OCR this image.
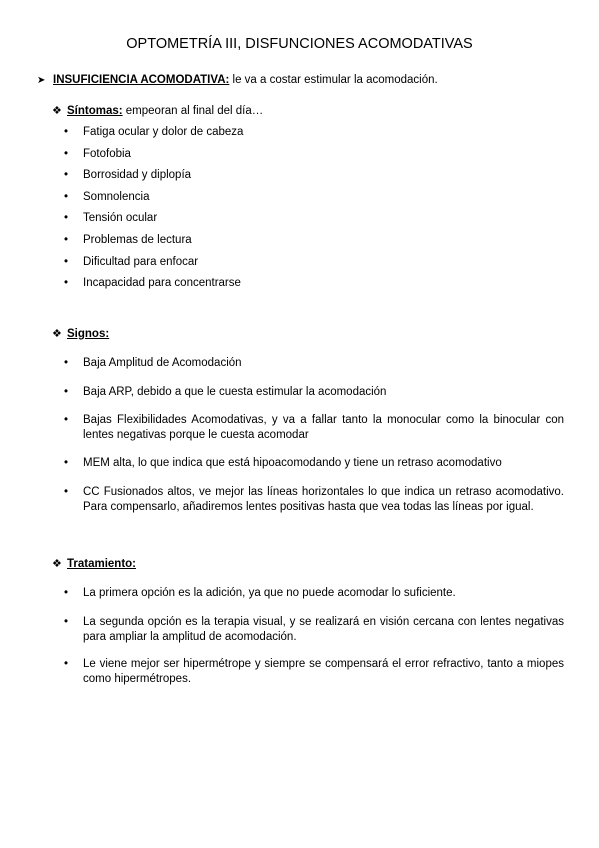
OPTOMETRÍA III, DISFUNCIONES ACOMODATIVAS
➤ INSUFICIENCIA ACOMODATIVA: le va a costar estimular la acomodación.
❖ Síntomas: empeoran al final del día…
•	Fatiga ocular y dolor de cabeza
•	Fotofobia
•	Borrosidad y diplopía
•	Somnolencia
•	Tensión ocular
•	Problemas de lectura
•	Dificultad para enfocar
•	Incapacidad para concentrarse
❖ Signos:
•	Baja Amplitud de Acomodación
•	Baja ARP, debido a que le cuesta estimular la acomodación
•	Bajas Flexibilidades Acomodativas, y va a fallar tanto la monocular como la binocular con lentes negativas porque le cuesta acomodar
•	MEM alta, lo que indica que está hipoacomodando y tiene un retraso acomodativo
•	CC Fusionados altos, ve mejor las líneas horizontales lo que indica un retraso acomodativo. Para compensarlo, añadiremos lentes positivas hasta que vea todas las líneas por igual.
❖ Tratamiento:
•	La primera opción es la adición, ya que no puede acomodar lo suficiente.
•	La segunda opción es la terapia visual, y se realizará en visión cercana con lentes negativas para ampliar la amplitud de acomodación.
•	Le viene mejor ser hipermétrope y siempre se compensará el error refractivo, tanto a miopes como hipermétropes.
